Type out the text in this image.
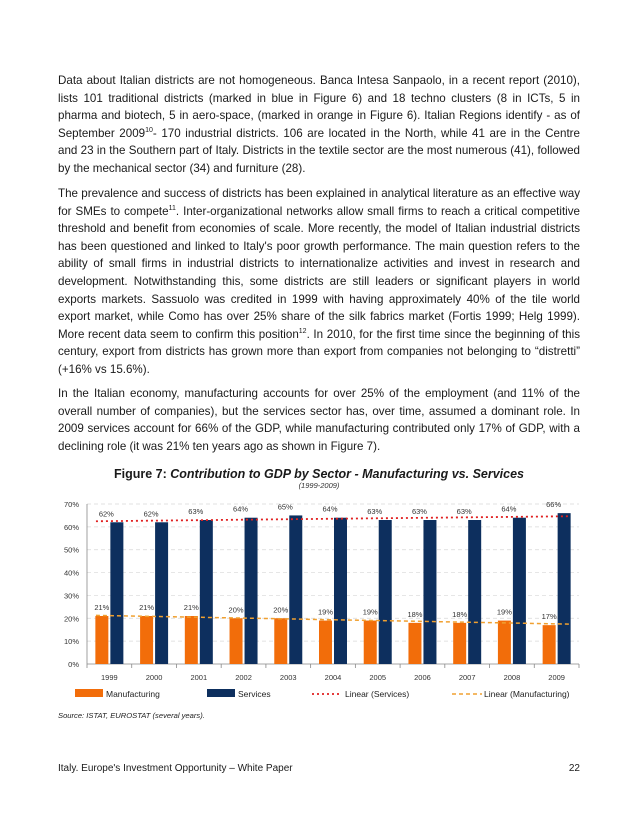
Data about Italian districts are not homogeneous. Banca Intesa Sanpaolo, in a recent report (2010), lists 101 traditional districts (marked in blue in Figure 6) and 18 techno clusters (8 in ICTs, 5 in pharma and biotech, 5 in aero-space, (marked in orange in Figure 6). Italian Regions identify - as of September 2009$^{10}$- 170 industrial districts. 106 are located in the North, while 41 are in the Centre and 23 in the Southern part of Italy. Districts in the textile sector are the most numerous (41), followed by the mechanical sector (34) and furniture (28).

The prevalence and success of districts has been explained in analytical literature as an effective way for SMEs to compete$^{11}$. Inter-organizational networks allow small firms to reach a critical competitive threshold and benefit from economies of scale. More recently, the model of Italian industrial districts has been questioned and linked to Italy's poor growth performance. The main question refers to the ability of small firms in industrial districts to internationalize activities and invest in research and development. Notwithstanding this, some districts are still leaders or significant players in world exports markets. Sassuolo was credited in 1999 with having approximately 40% of the tile world export market, while Como has over 25% share of the silk fabrics market (Fortis 1999; Helg 1999). More recent data seem to confirm this position$^{12}$. In 2010, for the first time since the beginning of this century, export from districts has grown more than export from companies not belonging to “distretti” (+16% vs 15.6%).

In the Italian economy, manufacturing accounts for over 25% of the employment (and 11% of the overall number of companies), but the services sector has, over time, assumed a dominant role. In 2009 services account for 66% of the GDP, while manufacturing contributed only 17% of GDP, with a declining role (it was 21% ten years ago as shown in Figure 7).

Figure 7: Contribution to GDP by Sector - Manufacturing vs. Services
(1999-2009)
0%
10%
20%
30%
40%
50%
60%
70%
21%
62%
1999
21%
62%
2000
21%
63%
2001
20%
64%
2002
20%
65%
2003
19%
64%
2004
19%
63%
2005
18%
63%
2006
18%
63%
2007
19%
64%
2008
17%
66%
2009
Manufacturing	Services	Linear (Services)	Linear (Manufacturing)
Source: ISTAT, EUROSTAT (several years).
Italy. Europe's Investment Opportunity – White Paper	22
